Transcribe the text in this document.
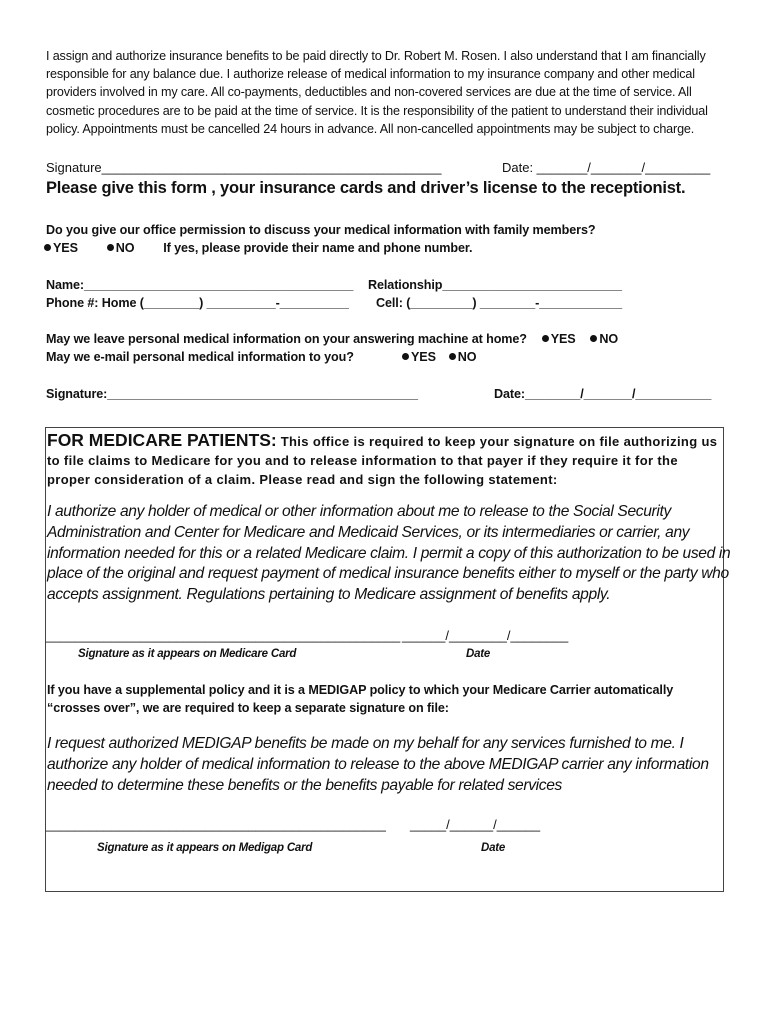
I assign and authorize insurance benefits to be paid directly to Dr. Robert M. Rosen. I also understand that I am financially
responsible for any balance due. I authorize release of medical information to my insurance company and other medical
providers involved in my care. All co-payments, deductibles and non-covered services are due at the time of service. All
cosmetic procedures are to be paid at the time of service. It is the responsibility of the patient to understand their individual
policy. Appointments must be cancelled 24 hours in advance. All non-cancelled appointments may be subject to charge.
Signature_______________________________________________	Date: _______/_______/_________
Please give this form , your insurance cards and driver’s license to the receptionist.
Do you give our office permission to discuss your medical information with family members?
YES	NO If yes, please provide their name and phone number.
Name:_______________________________________ Relationship__________________________
Phone #: Home (________) __________-__________ Cell: (_________) ________-____________
May we leave personal medical information on your answering machine at home? YES NO
May we e-mail personal medical information to you?	YES NO
Signature:_____________________________________________	Date:________/_______/___________
FOR MEDICARE PATIENTS: This office is required to keep your signature on file authorizing us to file claims to Medicare for you and to release information to that payer if they require it for the proper consideration of a claim. Please read and sign the following statement:
I authorize any holder of medical or other information about me to release to the Social Security
Administration and Center for Medicare and Medicaid Services, or its intermediaries or carrier, any
information needed for this or a related Medicare claim. I permit a copy of this authorization to be used in
place of the original and request payment of medical insurance benefits either to myself or the party who
accepts assignment. Regulations pertaining to Medicare assignment of benefits apply.
_________________________________________________ ______/________/________
Signature as it appears on Medicare Card	Date
If you have a supplemental policy and it is a MEDIGAP policy to which your Medicare Carrier automatically
“crosses over”, we are required to keep a separate signature on file:
I request authorized MEDIGAP benefits be made on my behalf for any services furnished to me. I
authorize any holder of medical information to release to the above MEDIGAP carrier any information
needed to determine these benefits or the benefits payable for related services
_______________________________________________ _____/______/______
Signature as it appears on Medigap Card	Date
